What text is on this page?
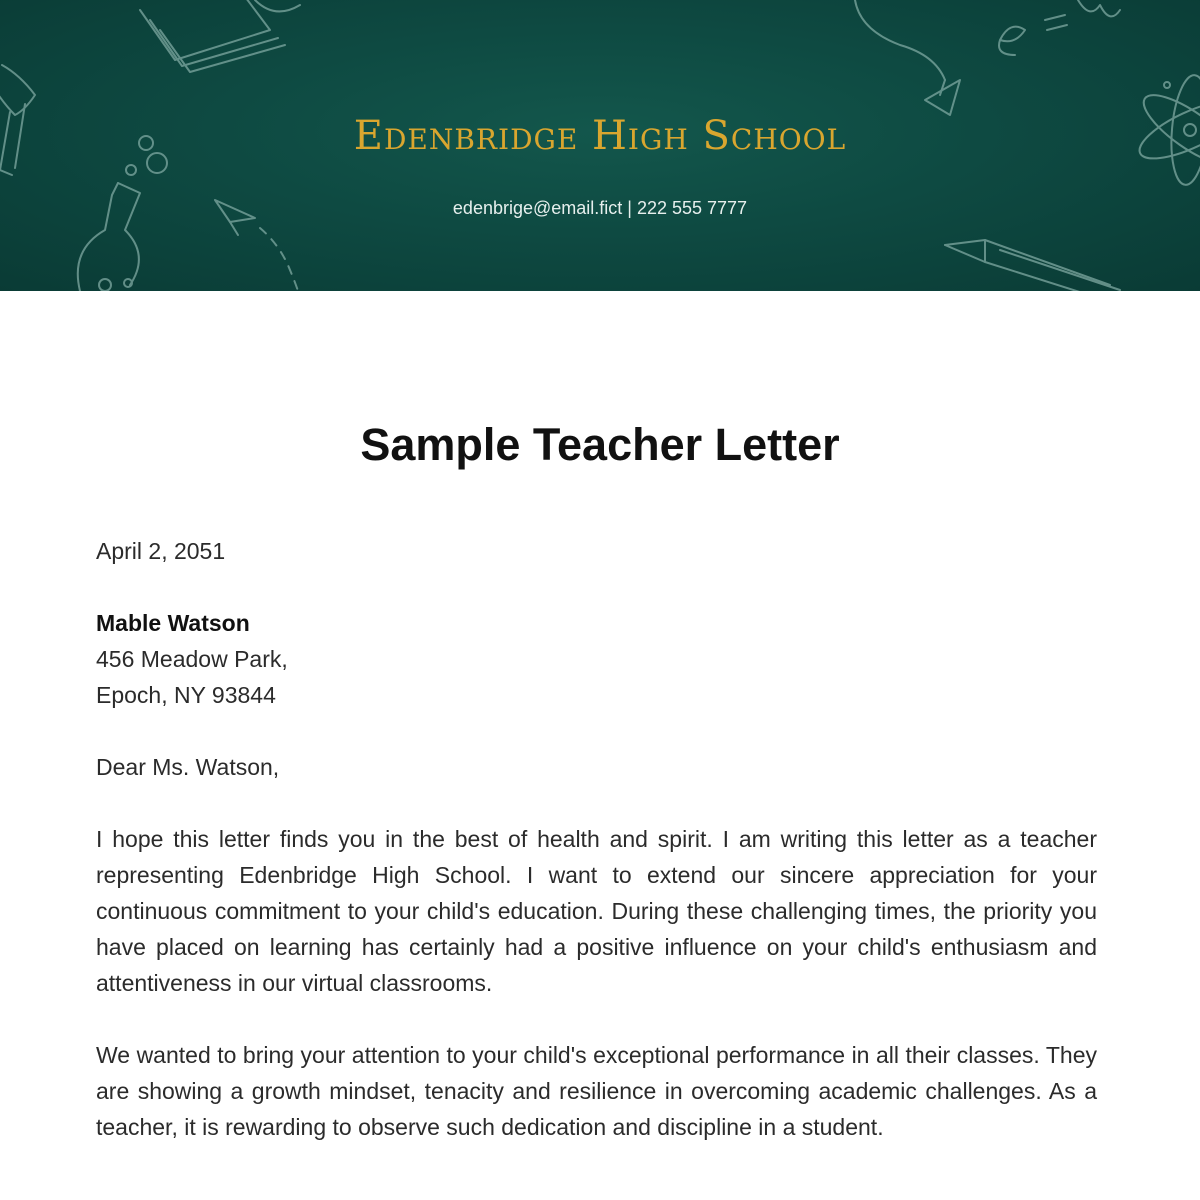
Edenbridge High School
edenbrige@email.fict | 222 555 7777
Sample Teacher Letter
April 2, 2051
Mable Watson
456 Meadow Park,
Epoch, NY 93844
Dear Ms. Watson,
I hope this letter finds you in the best of health and spirit. I am writing this letter as a teacher representing Edenbridge High School. I want to extend our sincere appreciation for your continuous commitment to your child's education. During these challenging times, the priority you have placed on learning has certainly had a positive influence on your child's enthusiasm and attentiveness in our virtual classrooms.
We wanted to bring your attention to your child's exceptional performance in all their classes. They are showing a growth mindset, tenacity and resilience in overcoming academic challenges. As a teacher, it is rewarding to observe such dedication and discipline in a student.
